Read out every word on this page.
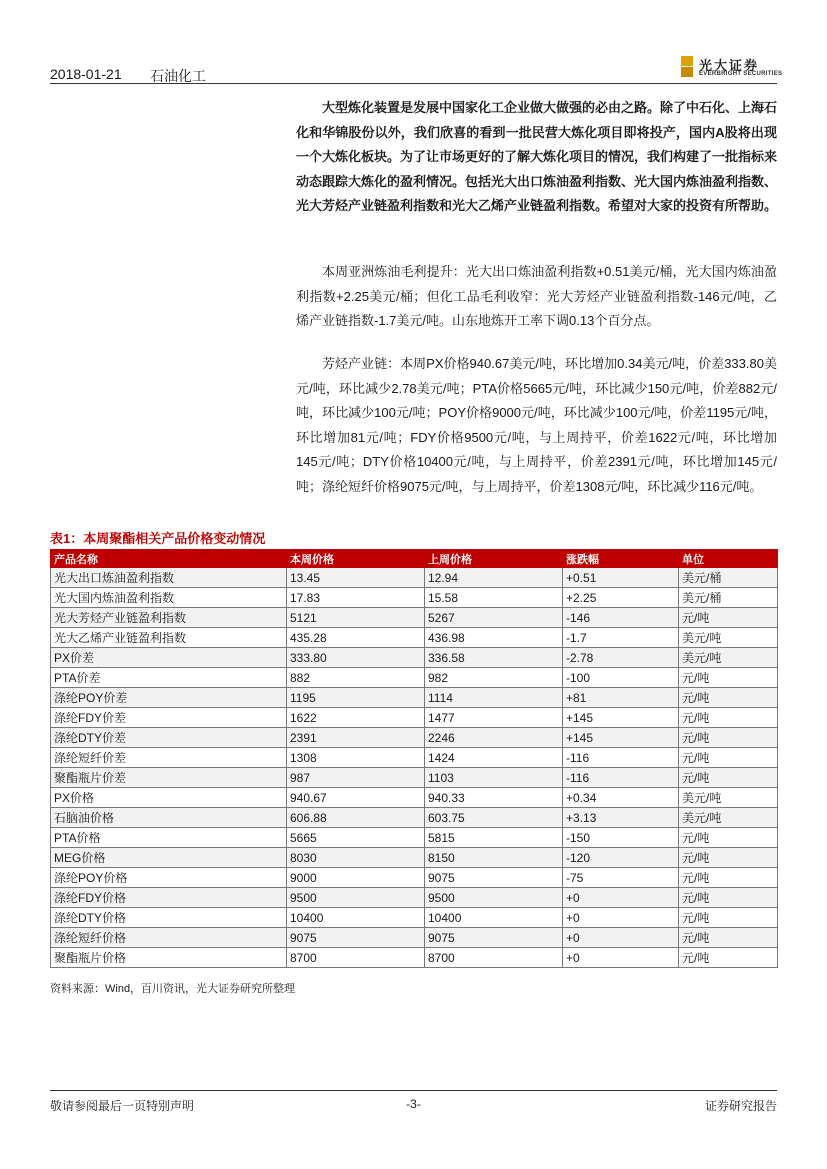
2018-01-21 石油化工
光大证券
EVERBRIGHT SECURITIES

大型炼化装置是发展中国家化工企业做大做强的必由之路。除了中石化、上海石化和华锦股份以外，我们欣喜的看到一批民营大炼化项目即将投产，国内A股将出现一个大炼化板块。为了让市场更好的了解大炼化项目的情况，我们构建了一批指标来动态跟踪大炼化的盈利情况。包括光大出口炼油盈利指数、光大国内炼油盈利指数、光大芳烃产业链盈利指数和光大乙烯产业链盈利指数。希望对大家的投资有所帮助。

本周亚洲炼油毛利提升：光大出口炼油盈利指数+0.51美元/桶，光大国内炼油盈利指数+2.25美元/桶；但化工品毛利收窄：光大芳烃产业链盈利指数-146元/吨，乙烯产业链指数-1.7美元/吨。山东地炼开工率下调0.13个百分点。

芳烃产业链：本周PX价格940.67美元/吨，环比增加0.34美元/吨，价差333.80美元/吨，环比减少2.78美元/吨；PTA价格5665元/吨，环比减少150元/吨，价差882元/吨，环比减少100元/吨；POY价格9000元/吨，环比减少100元/吨，价差1195元/吨，环比增加81元/吨；FDY价格9500元/吨，与上周持平，价差1622元/吨，环比增加145元/吨；DTY价格10400元/吨，与上周持平，价差2391元/吨，环比增加145元/吨；涤纶短纤价格9075元/吨，与上周持平，价差1308元/吨，环比减少116元/吨。

表1：本周聚酯相关产品价格变动情况
产品名称	本周价格	上周价格	涨跌幅	单位
光大出口炼油盈利指数	13.45	12.94	+0.51	美元/桶
光大国内炼油盈利指数	17.83	15.58	+2.25	美元/桶
光大芳烃产业链盈利指数	5121	5267	-146	元/吨
光大乙烯产业链盈利指数	435.28	436.98	-1.7	美元/吨
PX价差	333.80	336.58	-2.78	美元/吨
PTA价差	882	982	-100	元/吨
涤纶POY价差	1195	1114	+81	元/吨
涤纶FDY价差	1622	1477	+145	元/吨
涤纶DTY价差	2391	2246	+145	元/吨
涤纶短纤价差	1308	1424	-116	元/吨
聚酯瓶片价差	987	1103	-116	元/吨
PX价格	940.67	940.33	+0.34	美元/吨
石脑油价格	606.88	603.75	+3.13	美元/吨
PTA价格	5665	5815	-150	元/吨
MEG价格	8030	8150	-120	元/吨
涤纶POY价格	9000	9075	-75	元/吨
涤纶FDY价格	9500	9500	+0	元/吨
涤纶DTY价格	10400	10400	+0	元/吨
涤纶短纤价格	9075	9075	+0	元/吨
聚酯瓶片价格	8700	8700	+0	元/吨
资料来源：Wind，百川资讯，光大证券研究所整理
敬请参阅最后一页特别声明	-3-	证券研究报告
